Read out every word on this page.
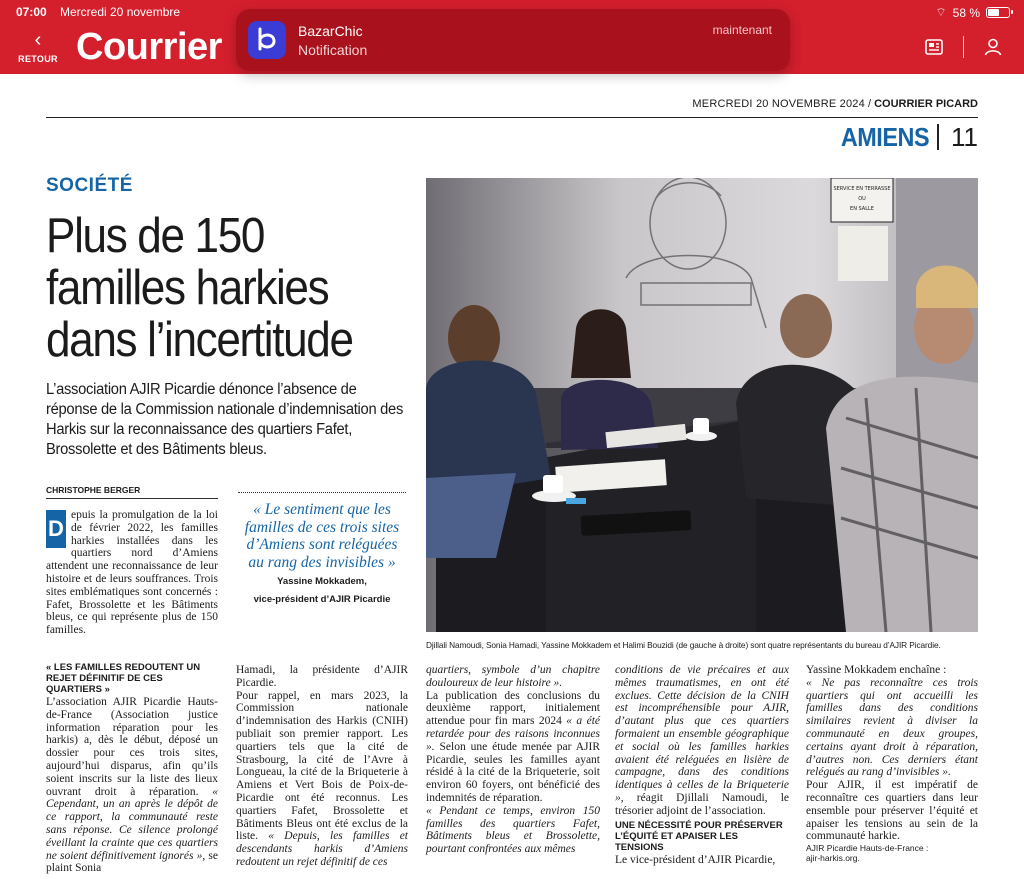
07:00 Mercredi 20 novembre	⌔ 58 %
‹
RETOUR Courrier	BazarChic
Notification
maintenant
MERCREDI 20 NOVEMBRE 2024 / COURRIER PICARD
AMIENS 11
SOCIÉTÉ
Plus de 150 familles harkies dans l’incertitude

L’association AJIR Picardie dénonce l’absence de réponse de la Commission nationale d’indemnisation des Harkis sur la reconnaissance des quartiers Fafet, Brossolette et des Bâtiments bleus.

CHRISTOPHE BERGER
D
epuis la promulgation de la loi de février 2022, les familles harkies installées dans les quartiers nord d’Amiens attendent une reconnaissance de leur histoire et de leurs souffrances. Trois sites emblématiques sont concernés : Fafet, Brossolette et les Bâtiments bleus, ce qui représente plus de 150 familles.
« LES FAMILLES REDOUTENT UN REJET DÉFINITIF DE CES QUARTIERS »
L’association AJIR Picardie Hauts-de-France (Association justice information réparation pour les harkis) a, dès le début, déposé un dossier pour ces trois sites, aujourd’hui disparus, afin qu’ils soient inscrits sur la liste des lieux ouvrant droit à réparation. « Cependant, un an après le dépôt de ce rapport, la communauté reste sans réponse. Ce silence prolongé éveillant la crainte que ces quartiers ne soient définitivement ignorés », se plaint Sonia
« Le sentiment que les familles de ces trois sites d’Amiens sont reléguées au rang des invisibles »
Yassine Mokkadem,
vice-président d’AJIR Picardie

Hamadi, la présidente d’AJIR Picardie.

Pour rappel, en mars 2023, la Commission nationale d’indemnisation des Harkis (CNIH) publiait son premier rapport. Les quartiers tels que la cité de Strasbourg, la cité de l’Avre à Longueau, la cité de la Briqueterie à Amiens et Vert Bois de Poix-de-Picardie ont été reconnus. Les quartiers Fafet, Brossolette et Bâtiments Bleus ont été exclus de la liste. « Depuis, les familles et descendants harkis d’Amiens redoutent un rejet définitif de ces

SERVICE EN TERRASSE
OU
EN SALLE
Djillali Namoudi, Sonia Hamadi, Yassine Mokkadem et Halimi Bouzidi (de gauche à droite) sont quatre représentants du bureau d’AJIR Picardie.

quartiers, symbole d’un chapitre douloureux de leur histoire ».

La publication des conclusions du deuxième rapport, initialement attendue pour fin mars 2024 « a été retardée pour des raisons inconnues ». Selon une étude menée par AJIR Picardie, seules les familles ayant résidé à la cité de la Briqueterie, soit environ 60 foyers, ont bénéficié des indemnités de réparation.

« Pendant ce temps, environ 150 familles des quartiers Fafet, Bâtiments bleus et Brossolette, pourtant confrontées aux mêmes

conditions de vie précaires et aux mêmes traumatismes, en ont été exclues. Cette décision de la CNIH est incompréhensible pour AJIR, d’autant plus que ces quartiers formaient un ensemble géographique et social où les familles harkies avaient été reléguées en lisière de campagne, dans des conditions identiques à celles de la Briqueterie », réagit Djillali Namoudi, le trésorier adjoint de l’association.

UNE NÉCESSITÉ POUR PRÉSERVER L’ÉQUITÉ ET APAISER LES TENSIONS

Le vice-président d’AJIR Picardie,

Yassine Mokkadem enchaîne :

« Ne pas reconnaître ces trois quartiers qui ont accueilli les familles dans des conditions similaires revient à diviser la communauté en deux groupes, certains ayant droit à réparation, d’autres non. Ces derniers étant relégués au rang d’invisibles ».

Pour AJIR, il est impératif de reconnaître ces quartiers dans leur ensemble pour préserver l’équité et apaiser les tensions au sein de la communauté harkie.

AJIR Picardie Hauts-de-France :
ajir-harkis.org.
